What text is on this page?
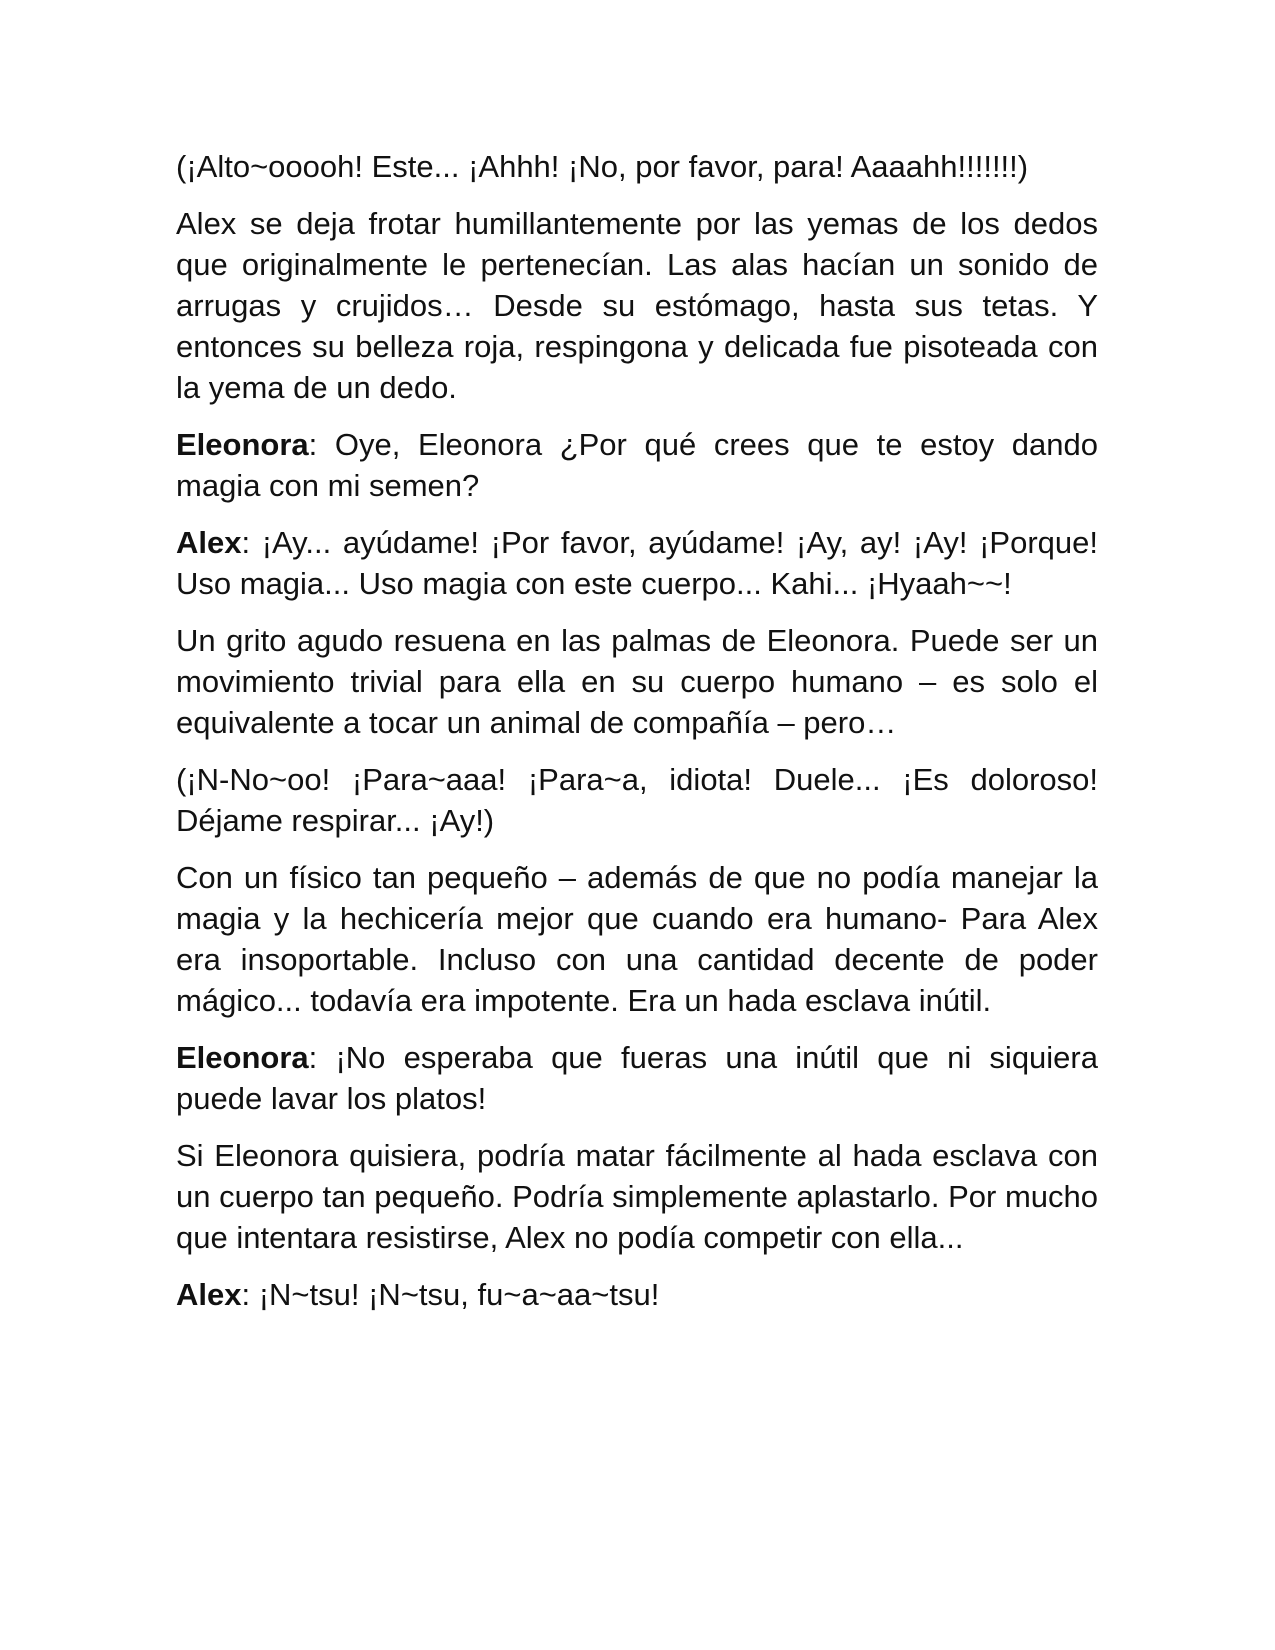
(¡Alto~ooooh! Este... ¡Ahhh! ¡No, por favor, para! Aaaahh!!!!!!!)

Alex se deja frotar humillantemente por las yemas de los dedos que originalmente le pertenecían. Las alas hacían un sonido de arrugas y crujidos… Desde su estómago, hasta sus tetas. Y entonces su belleza roja, respingona y delicada fue pisoteada con la yema de un dedo.

Eleonora: Oye, Eleonora ¿Por qué crees que te estoy dando magia con mi semen?

Alex: ¡Ay... ayúdame! ¡Por favor, ayúdame! ¡Ay, ay! ¡Ay! ¡Porque! Uso magia... Uso magia con este cuerpo... Kahi... ¡Hyaah~~!

Un grito agudo resuena en las palmas de Eleonora. Puede ser un movimiento trivial para ella en su cuerpo humano – es solo el equivalente a tocar un animal de compañía – pero…

(¡N-No~oo! ¡Para~aaa! ¡Para~a, idiota! Duele... ¡Es doloroso! Déjame respirar... ¡Ay!)

Con un físico tan pequeño – además de que no podía manejar la magia y la hechicería mejor que cuando era humano- Para Alex era insoportable. Incluso con una cantidad decente de poder mágico... todavía era impotente. Era un hada esclava inútil.

Eleonora: ¡No esperaba que fueras una inútil que ni siquiera puede lavar los platos!

Si Eleonora quisiera, podría matar fácilmente al hada esclava con un cuerpo tan pequeño. Podría simplemente aplastarlo. Por mucho que intentara resistirse, Alex no podía competir con ella...

Alex: ¡N~tsu! ¡N~tsu, fu~a~aa~tsu!
